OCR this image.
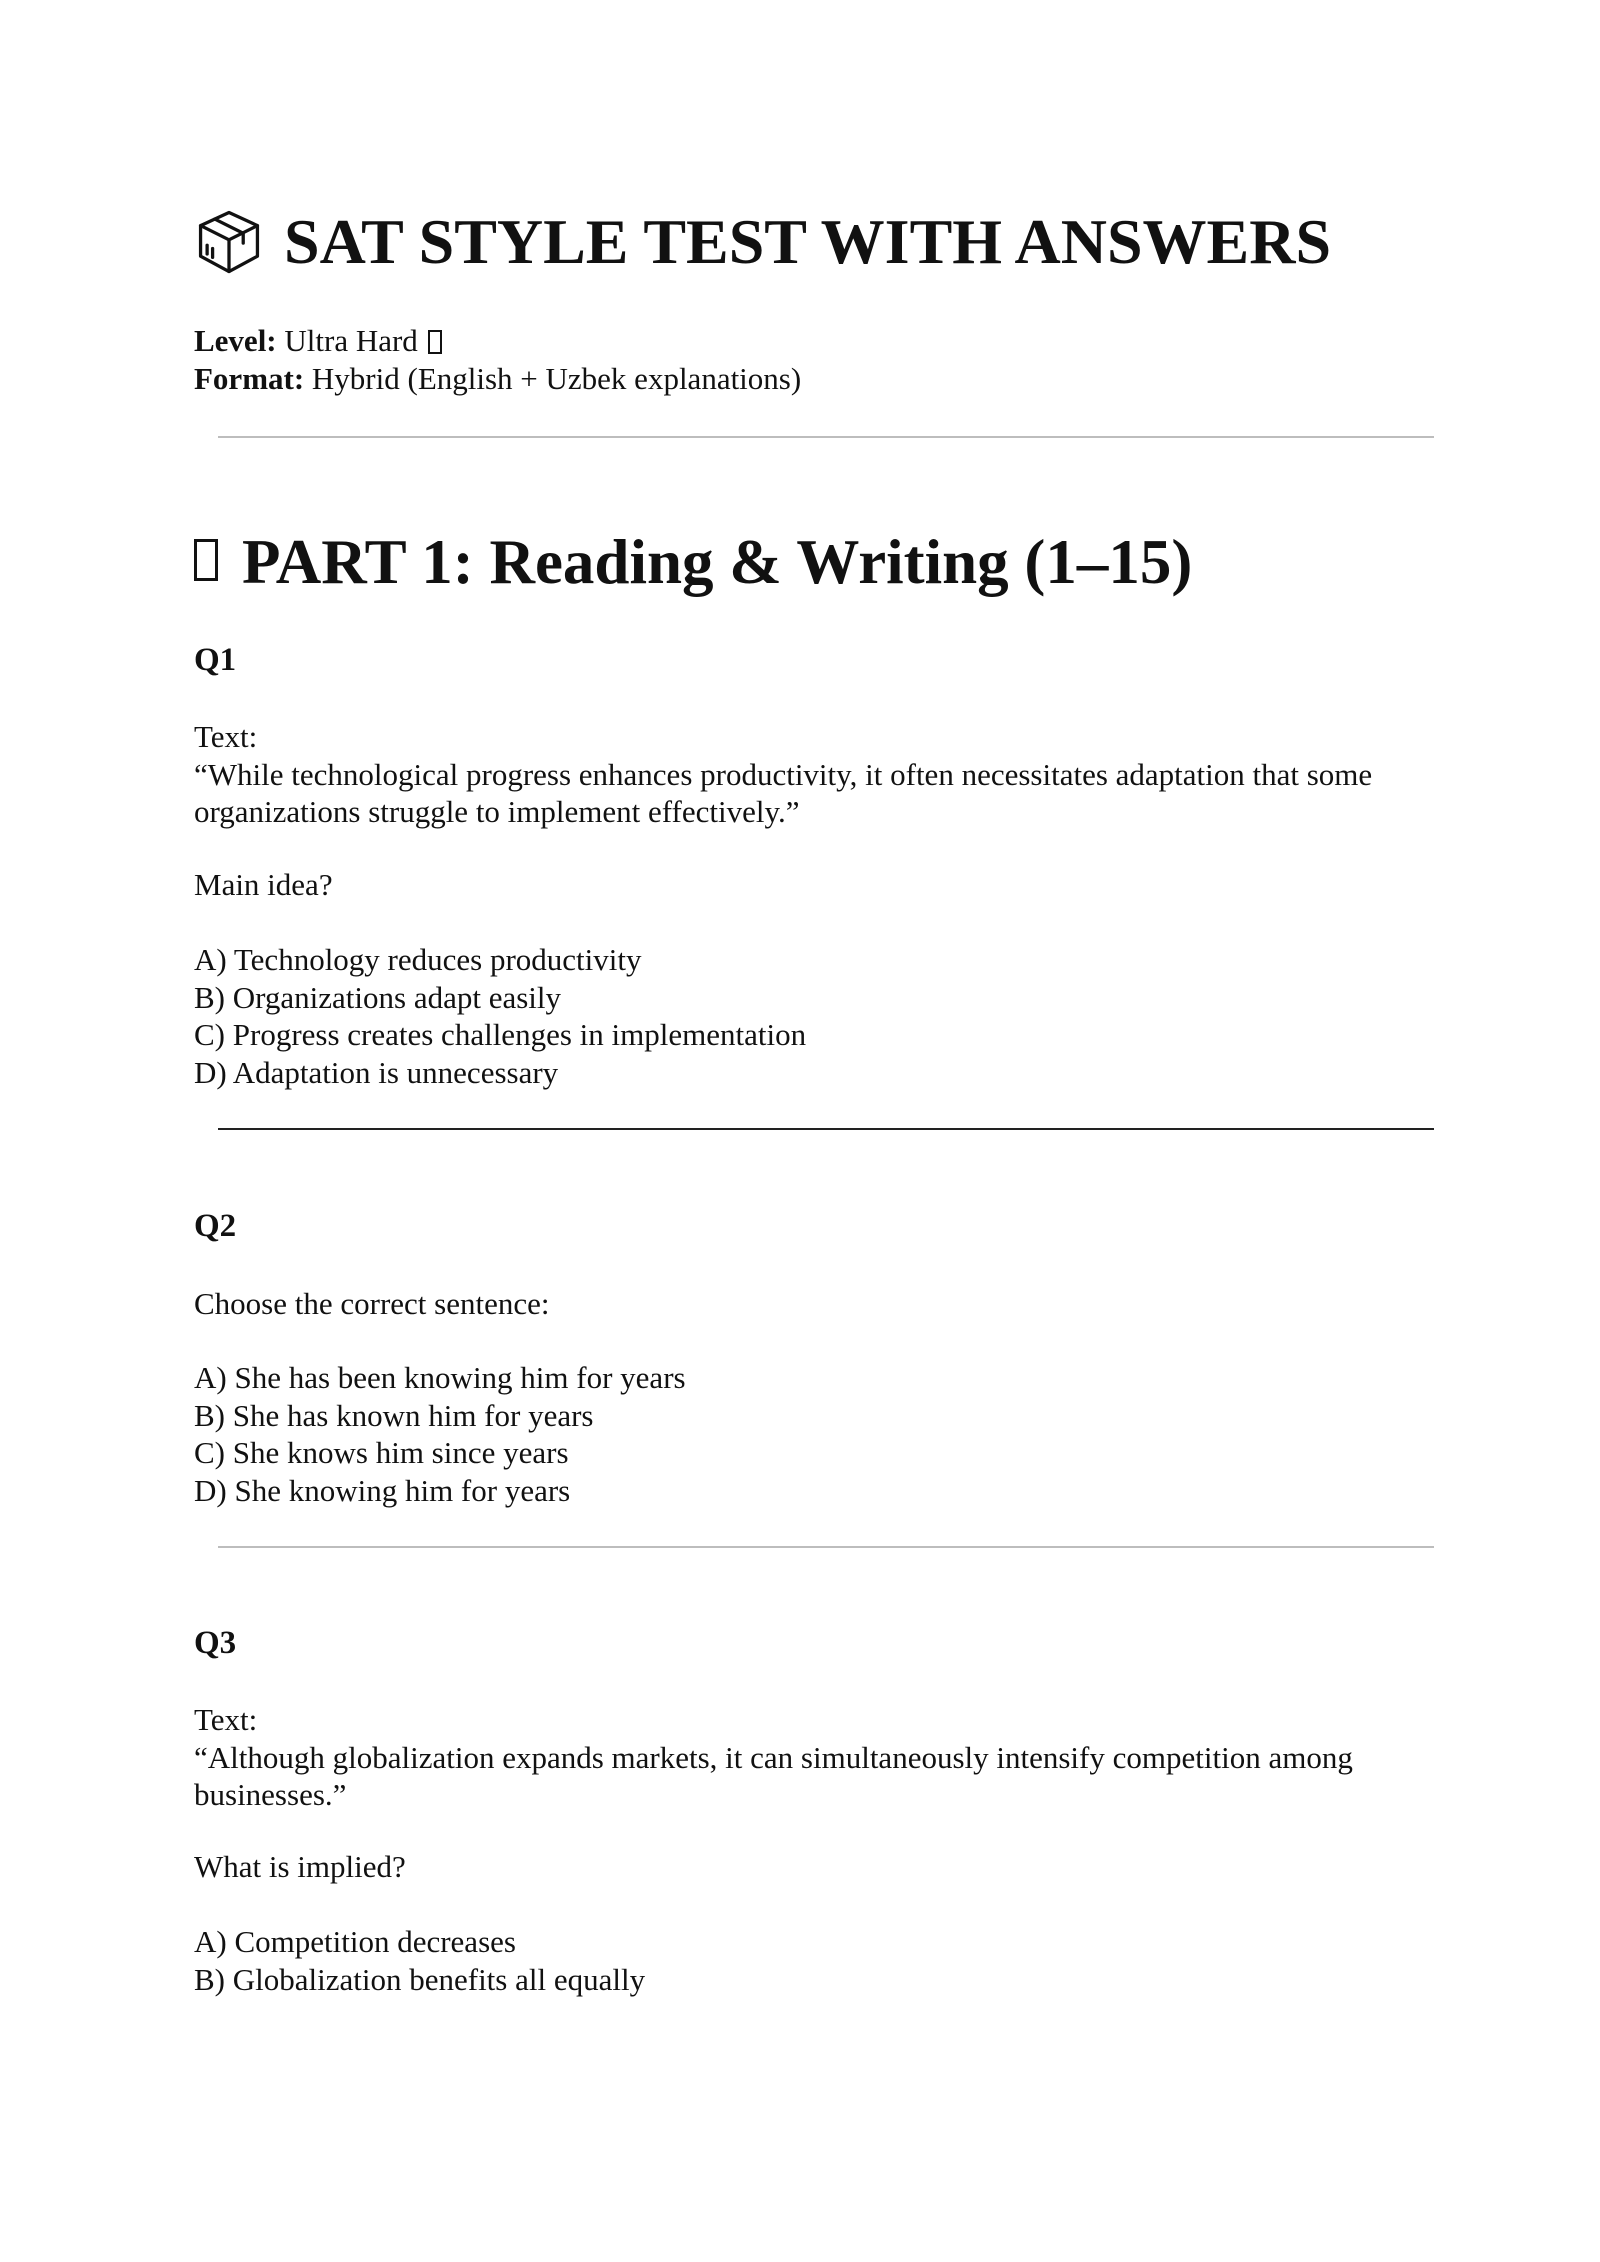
SAT STYLE TEST WITH ANSWERS
Level: Ultra Hard
Format: Hybrid (English + Uzbek explanations)
PART 1: Reading & Writing (1–15)
Q1
Text:
“While technological progress enhances productivity, it often necessitates adaptation that some organizations struggle to implement effectively.”
Main idea?
A) Technology reduces productivity
B) Organizations adapt easily
C) Progress creates challenges in implementation
D) Adaptation is unnecessary
Q2
Choose the correct sentence:
A) She has been knowing him for years
B) She has known him for years
C) She knows him since years
D) She knowing him for years
Q3
Text:
“Although globalization expands markets, it can simultaneously intensify competition among businesses.”
What is implied?
A) Competition decreases
B) Globalization benefits all equally
